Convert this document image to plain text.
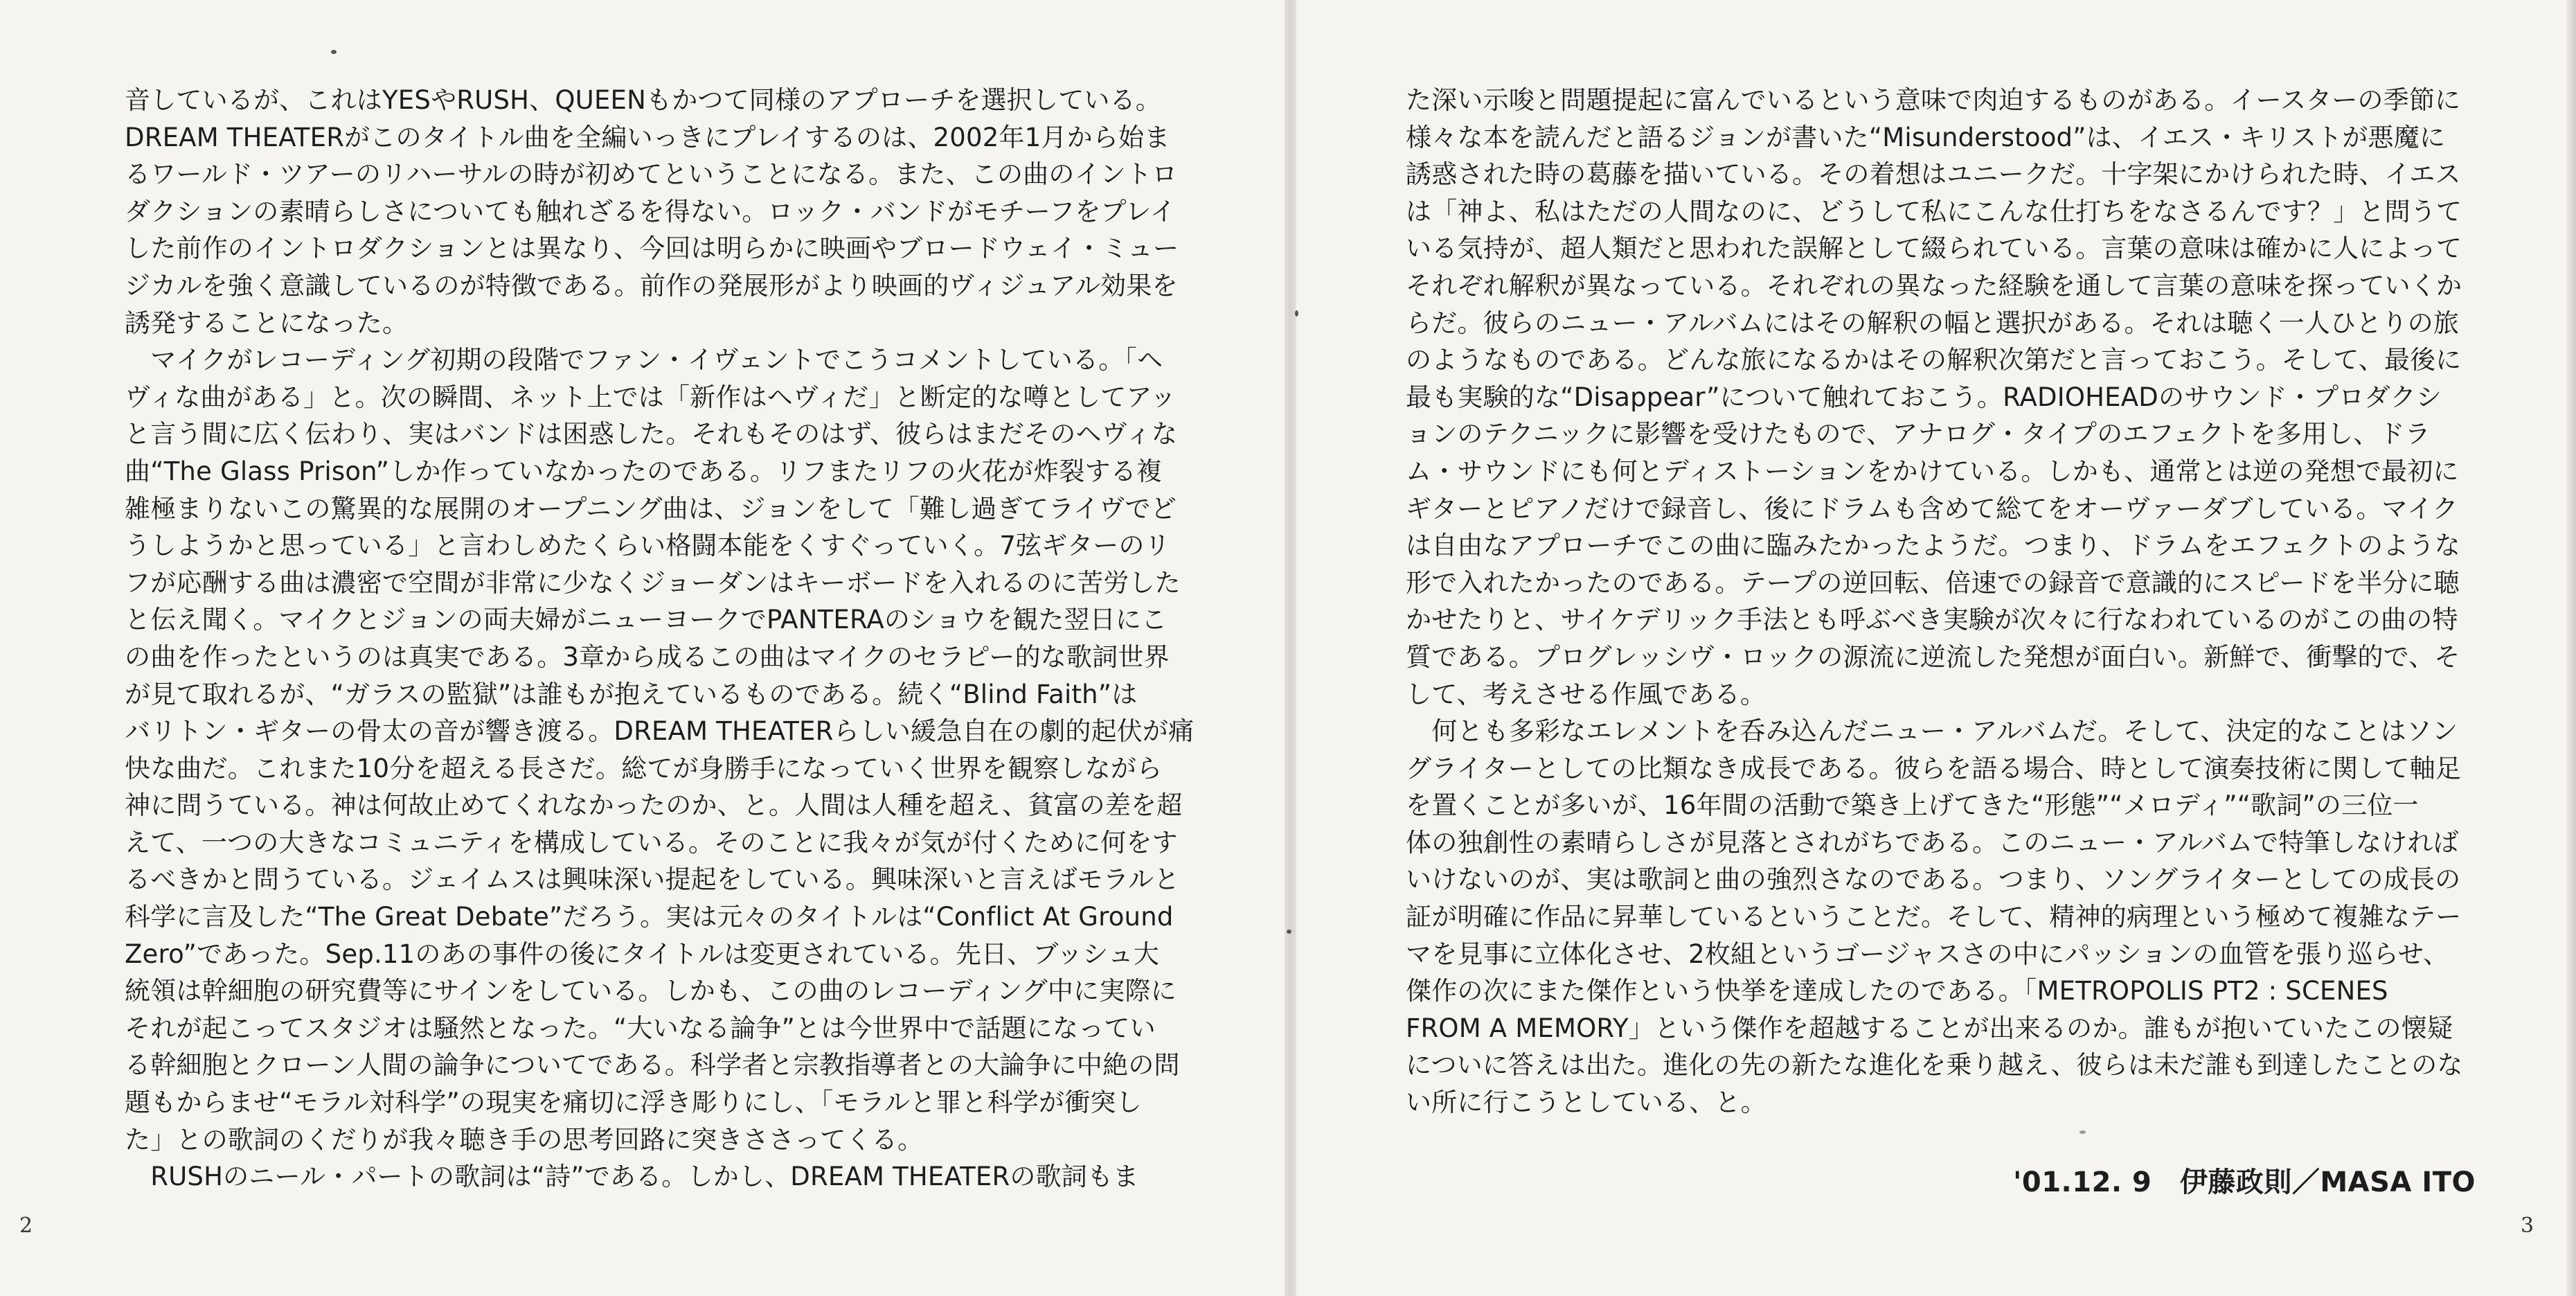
音しているが、これはYESやRUSH、QUEENもかつて同様のアプローチを選択している。
DREAM THEATERがこのタイトル曲を全編いっきにプレイするのは、2002年1月から始ま
るワールド・ツアーのリハーサルの時が初めてということになる。また、この曲のイントロ
ダクションの素晴らしさについても触れざるを得ない。ロック・バンドがモチーフをプレイ
した前作のイントロダクションとは異なり、今回は明らかに映画やブロードウェイ・ミュー
ジカルを強く意識しているのが特徴である。前作の発展形がより映画的ヴィジュアル効果を
誘発することになった。
　マイクがレコーディング初期の段階でファン・イヴェントでこうコメントしている。「ヘ
ヴィな曲がある」と。次の瞬間、ネット上では「新作はヘヴィだ」と断定的な噂としてアッ
と言う間に広く伝わり、実はバンドは困惑した。それもそのはず、彼らはまだそのヘヴィな
曲“The Glass Prison”しか作っていなかったのである。リフまたリフの火花が炸裂する複
雑極まりないこの驚異的な展開のオープニング曲は、ジョンをして「難し過ぎてライヴでど
うしようかと思っている」と言わしめたくらい格闘本能をくすぐっていく。7弦ギターのリ
フが応酬する曲は濃密で空間が非常に少なくジョーダンはキーボードを入れるのに苦労した
と伝え聞く。マイクとジョンの両夫婦がニューヨークでPANTERAのショウを観た翌日にこ
の曲を作ったというのは真実である。3章から成るこの曲はマイクのセラピー的な歌詞世界
が見て取れるが、“ガラスの監獄”は誰もが抱えているものである。続く“Blind Faith”は
バリトン・ギターの骨太の音が響き渡る。DREAM THEATERらしい緩急自在の劇的起伏が痛
快な曲だ。これまた10分を超える長さだ。総てが身勝手になっていく世界を観察しながら
神に問うている。神は何故止めてくれなかったのか、と。人間は人種を超え、貧富の差を超
えて、一つの大きなコミュニティを構成している。そのことに我々が気が付くために何をす
るべきかと問うている。ジェイムスは興味深い提起をしている。興味深いと言えばモラルと
科学に言及した“The Great Debate”だろう。実は元々のタイトルは“Conflict At Ground
Zero”であった。Sep.11のあの事件の後にタイトルは変更されている。先日、ブッシュ大
統領は幹細胞の研究費等にサインをしている。しかも、この曲のレコーディング中に実際に
それが起こってスタジオは騒然となった。“大いなる論争”とは今世界中で話題になってい
る幹細胞とクローン人間の論争についてである。科学者と宗教指導者との大論争に中絶の問
題もからませ“モラル対科学”の現実を痛切に浮き彫りにし、「モラルと罪と科学が衝突し
た」との歌詞のくだりが我々聴き手の思考回路に突きささってくる。
　RUSHのニール・パートの歌詞は“詩”である。しかし、DREAM THEATERの歌詞もま
た深い示唆と問題提起に富んでいるという意味で肉迫するものがある。イースターの季節に
様々な本を読んだと語るジョンが書いた“Misunderstood”は、イエス・キリストが悪魔に
誘惑された時の葛藤を描いている。その着想はユニークだ。十字架にかけられた時、イエス
は「神よ、私はただの人間なのに、どうして私にこんな仕打ちをなさるんです？」と問うて
いる気持が、超人類だと思われた誤解として綴られている。言葉の意味は確かに人によって
それぞれ解釈が異なっている。それぞれの異なった経験を通して言葉の意味を探っていくか
らだ。彼らのニュー・アルバムにはその解釈の幅と選択がある。それは聴く一人ひとりの旅
のようなものである。どんな旅になるかはその解釈次第だと言っておこう。そして、最後に
最も実験的な“Disappear”について触れておこう。RADIOHEADのサウンド・プロダクシ
ョンのテクニックに影響を受けたもので、アナログ・タイプのエフェクトを多用し、ドラ
ム・サウンドにも何とディストーションをかけている。しかも、通常とは逆の発想で最初に
ギターとピアノだけで録音し、後にドラムも含めて総てをオーヴァーダブしている。マイク
は自由なアプローチでこの曲に臨みたかったようだ。つまり、ドラムをエフェクトのような
形で入れたかったのである。テープの逆回転、倍速での録音で意識的にスピードを半分に聴
かせたりと、サイケデリック手法とも呼ぶべき実験が次々に行なわれているのがこの曲の特
質である。プログレッシヴ・ロックの源流に逆流した発想が面白い。新鮮で、衝撃的で、そ
して、考えさせる作風である。
　何とも多彩なエレメントを呑み込んだニュー・アルバムだ。そして、決定的なことはソン
グライターとしての比類なき成長である。彼らを語る場合、時として演奏技術に関して軸足
を置くことが多いが、16年間の活動で築き上げてきた“形態”“メロディ”“歌詞”の三位一
体の独創性の素晴らしさが見落とされがちである。このニュー・アルバムで特筆しなければ
いけないのが、実は歌詞と曲の強烈さなのである。つまり、ソングライターとしての成長の
証が明確に作品に昇華しているということだ。そして、精神的病理という極めて複雑なテー
マを見事に立体化させ、2枚組というゴージャスさの中にパッションの血管を張り巡らせ、
傑作の次にまた傑作という快挙を達成したのである。「METROPOLIS PT2 : SCENES
FROM A MEMORY」という傑作を超越することが出来るのか。誰もが抱いていたこの懐疑
についに答えは出た。進化の先の新たな進化を乗り越え、彼らは未だ誰も到達したことのな
い所に行こうとしている、と。
'01.12. 9　伊藤政則／MASA ITO
2	3
